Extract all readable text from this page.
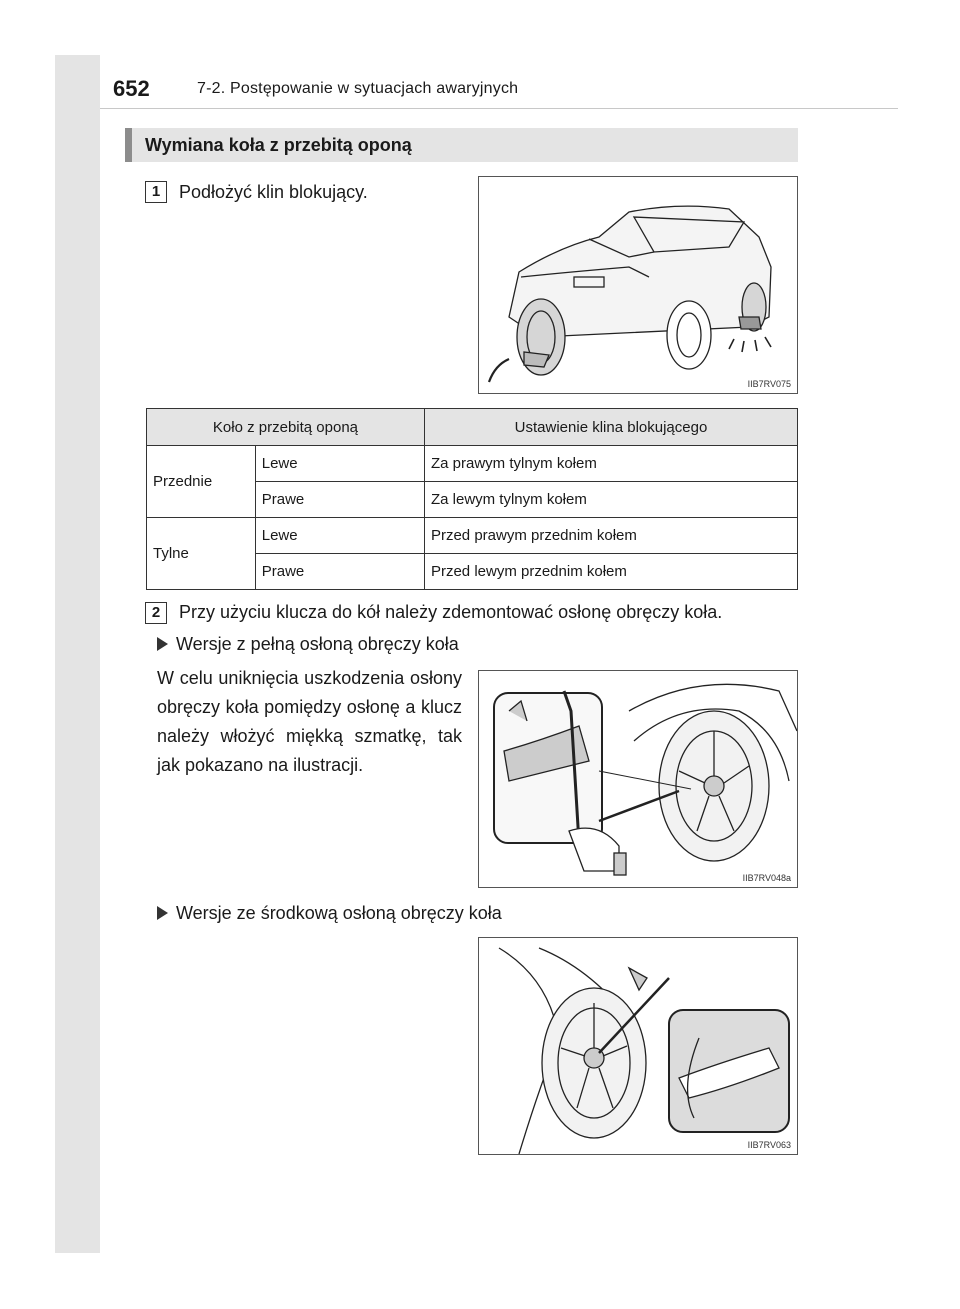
652	7-2. Postępowanie w sytuacjach awaryjnych
Wymiana koła z przebitą oponą
1	Podłożyć klin blokujący.
IIB7RV075
Koło z przebitą oponą		Ustawienie klina blokującego
Przednie	Lewe	Za prawym tylnym kołem
	Prawe	Za lewym tylnym kołem
Tylne	Lewe	Przed prawym przednim kołem
	Prawe	Przed lewym przednim kołem
2	Przy użyciu klucza do kół należy zdemontować osłonę obręczy koła.
Wersje z pełną osłoną obręczy koła
W celu uniknięcia uszkodzenia osłony obręczy koła pomiędzy osłonę a klucz należy włożyć miękką szmatkę, tak jak pokazano na ilustracji.
IIB7RV048a
Wersje ze środkową osłoną obręczy koła
IIB7RV063
